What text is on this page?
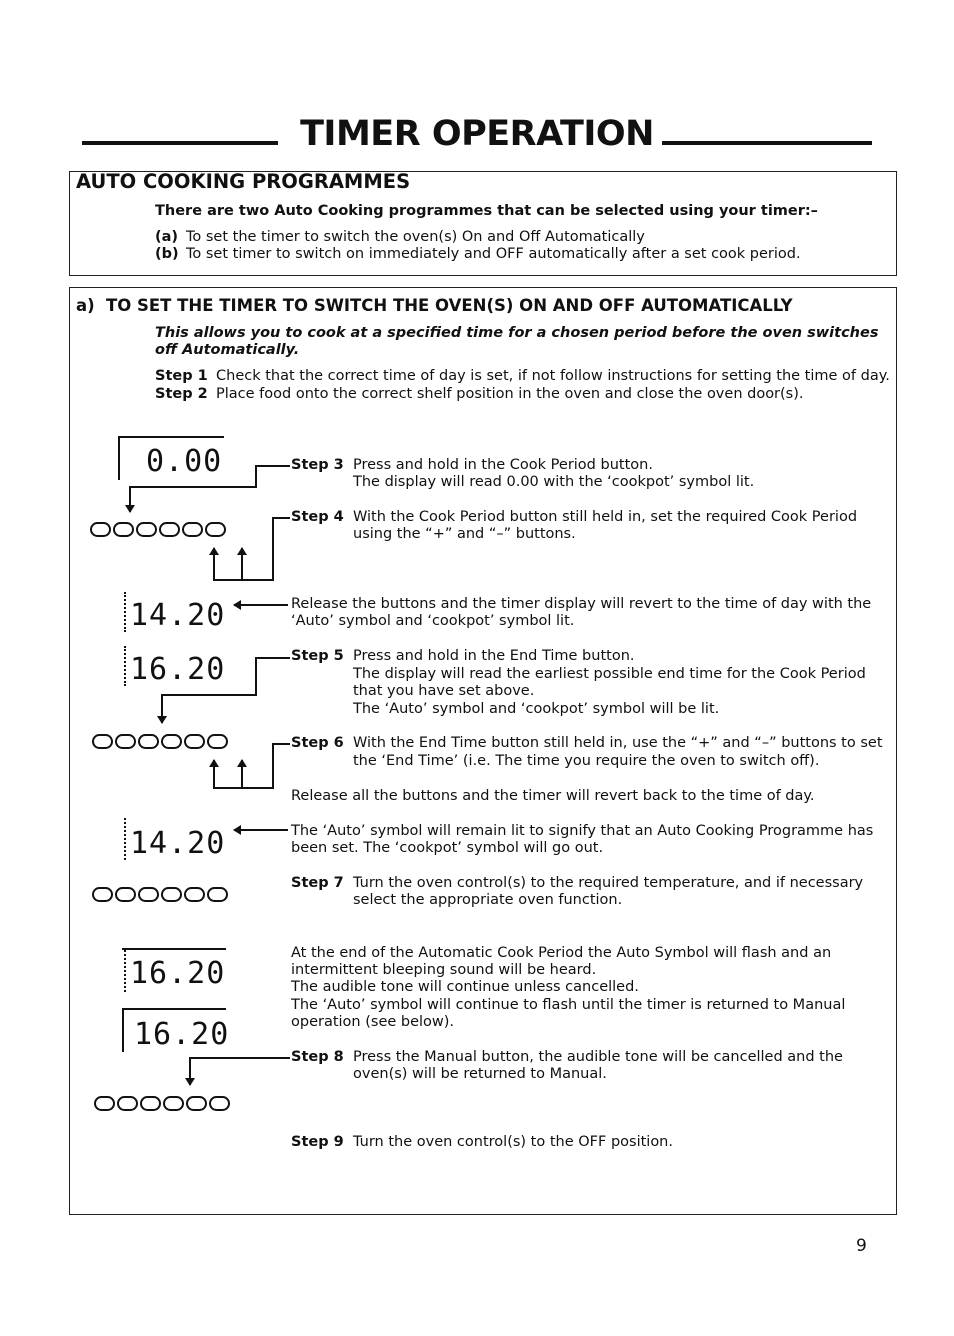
TIMER OPERATION
AUTO COOKING PROGRAMMES
There are two Auto Cooking programmes that can be selected using your timer:–
(a) To set the timer to switch the oven(s) On and Off Automatically
(b) To set timer to switch on immediately and OFF automatically after a set cook period.
a) TO SET THE TIMER TO SWITCH THE OVEN(S) ON AND OFF AUTOMATICALLY
This allows you to cook at a specified time for a chosen period before the oven switches
off Automatically.
Step 1 Check that the correct time of day is set, if not follow instructions for setting the time of day.
Step 2 Place food onto the correct shelf position in the oven and close the oven door(s).
Step 3 Press and hold in the Cook Period button.
The display will read 0.00 with the ‘cookpot’ symbol lit.
Step 4 With the Cook Period button still held in, set the required Cook Period
using the “+” and “–” buttons.
Release the buttons and the timer display will revert to the time of day with the
‘Auto’ symbol and ‘cookpot’ symbol lit.
Step 5 Press and hold in the End Time button.
The display will read the earliest possible end time for the Cook Period
that you have set above.
The ‘Auto’ symbol and ‘cookpot’ symbol will be lit.
Step 6 With the End Time button still held in, use the “+” and “–” buttons to set
the ‘End Time’ (i.e. The time you require the oven to switch off).
Release all the buttons and the timer will revert back to the time of day.
The ‘Auto’ symbol will remain lit to signify that an Auto Cooking Programme has
been set. The ‘cookpot’ symbol will go out.
Step 7 Turn the oven control(s) to the required temperature, and if necessary
select the appropriate oven function.
At the end of the Automatic Cook Period the Auto Symbol will flash and an
intermittent bleeping sound will be heard.
The audible tone will continue unless cancelled.
The ‘Auto’ symbol will continue to flash until the timer is returned to Manual
operation (see below).
Step 8 Press the Manual button, the audible tone will be cancelled and the
oven(s) will be returned to Manual.
Step 9 Turn the oven control(s) to the OFF position.
0.00
14.20
16.20
14.20
16.20
16.20
9
